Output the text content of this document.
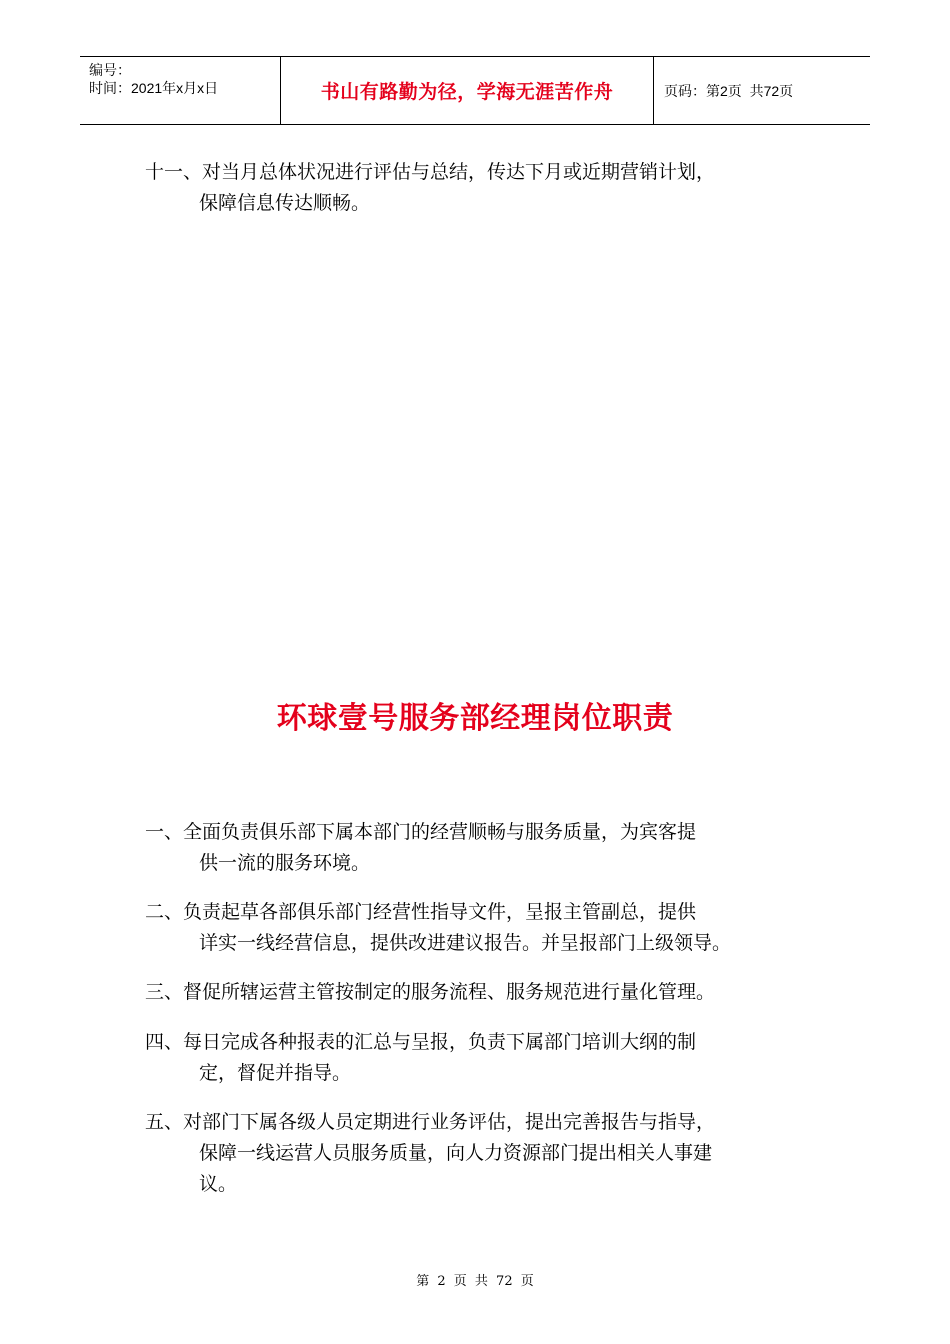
编号：
时间：2021年x月x日	书山有路勤为径，学海无涯苦作舟	页码：第2页  共72页
十一、对当月总体状况进行评估与总结，传达下月或近期营销计划，
保障信息传达顺畅。
环球壹号服务部经理岗位职责
一、全面负责俱乐部下属本部门的经营顺畅与服务质量，为宾客提
供一流的服务环境。
二、负责起草各部俱乐部门经营性指导文件，呈报主管副总，提供
详实一线经营信息，提供改进建议报告。并呈报部门上级领导。
三、督促所辖运营主管按制定的服务流程、服务规范进行量化管理。
四、每日完成各种报表的汇总与呈报，负责下属部门培训大纲的制
定，督促并指导。
五、对部门下属各级人员定期进行业务评估，提出完善报告与指导，
保障一线运营人员服务质量，向人力资源部门提出相关人事建
议。
第 2 页 共 72 页
